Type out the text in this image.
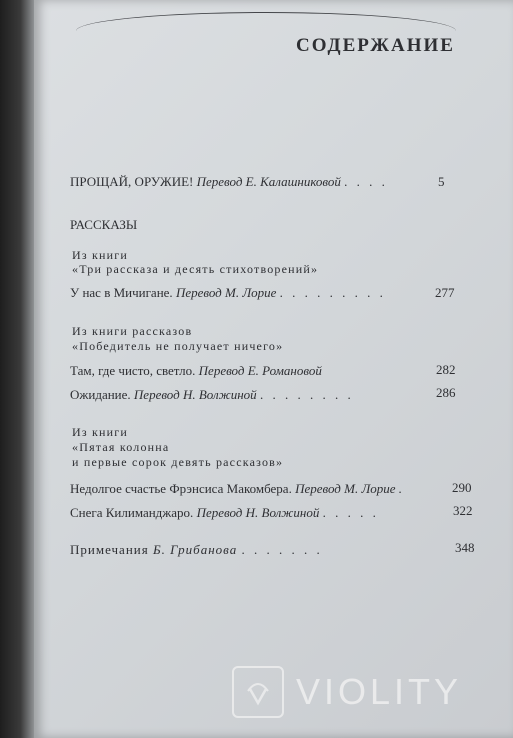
СОДЕРЖАНИЕ
ПРОЩАЙ, ОРУЖИЕ! Перевод Е. Калашниковой . . . .	5
РАССКАЗЫ
Из книги
«Три рассказа и десять стихотворений»
У нас в Мичигане. Перевод М. Лорие . . . . . . . . .	277
Из книги рассказов
«Победитель не получает ничего»
Там, где чисто, светло. Перевод Е. Романовой	282
Ожидание. Перевод Н. Волжиной . . . . . . . .	286
Из книги
«Пятая колонна
и первые сорок девять рассказов»
Недолгое счастье Фрэнсиса Макомбера. Перевод М. Лорие .	290
Снега Килиманджаро. Перевод Н. Волжиной . . . . .	322
Примечания Б. Грибанова . . . . . . .	348
VIOLITY
